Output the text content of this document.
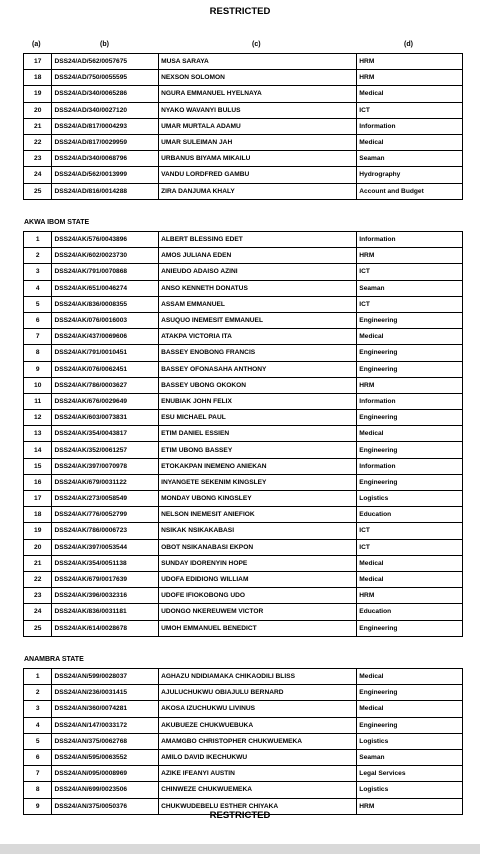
RESTRICTED
(a)	(b)	(c)	(d)
17	DSS24/AD/562/0057675	MUSA SARAYA	HRM
18	DSS24/AD/750/0055595	NEXSON SOLOMON	HRM
19	DSS24/AD/340/0065286	NGURA EMMANUEL HYELNAYA	Medical
20	DSS24/AD/340/0027120	NYAKO WAVANYI BULUS	ICT
21	DSS24/AD/817/0004293	UMAR MURTALA ADAMU	Information
22	DSS24/AD/817/0029959	UMAR SULEIMAN JAH	Medical
23	DSS24/AD/340/0068796	URBANUS BIYAMA MIKAILU	Seaman
24	DSS24/AD/562/0013999	VANDU LORDFRED GAMBU	Hydrography
25	DSS24/AD/816/0014288	ZIRA DANJUMA KHALY	Account and Budget
AKWA IBOM STATE
1	DSS24/AK/576/0043896	ALBERT BLESSING EDET	Information
2	DSS24/AK/602/0023730	AMOS JULIANA EDEN	HRM
3	DSS24/AK/791/0070868	ANIEUDO ADAISO AZINI	ICT
4	DSS24/AK/651/0046274	ANSO KENNETH DONATUS	Seaman
5	DSS24/AK/836/0008355	ASSAM EMMANUEL	ICT
6	DSS24/AK/076/0016003	ASUQUO INEMESIT EMMANUEL	Engineering
7	DSS24/AK/437/0069606	ATAKPA VICTORIA ITA	Medical
8	DSS24/AK/791/0010451	BASSEY ENOBONG FRANCIS	Engineering
9	DSS24/AK/076/0062451	BASSEY OFONASAHA ANTHONY	Engineering
10	DSS24/AK/786/0003627	BASSEY UBONG OKOKON	HRM
11	DSS24/AK/676/0029649	ENUBIAK JOHN FELIX	Information
12	DSS24/AK/603/0073831	ESU MICHAEL PAUL	Engineering
13	DSS24/AK/354/0043817	ETIM DANIEL ESSIEN	Medical
14	DSS24/AK/352/0061257	ETIM UBONG BASSEY	Engineering
15	DSS24/AK/397/0070978	ETOKAKPAN INEMENO ANIEKAN	Information
16	DSS24/AK/679/0031122	INYANGETE SEKENIM KINGSLEY	Engineering
17	DSS24/AK/273/0058549	MONDAY UBONG KINGSLEY	Logistics
18	DSS24/AK/776/0052799	NELSON INEMESIT ANIEFIOK	Education
19	DSS24/AK/786/0006723	NSIKAK NSIKAKABASI	ICT
20	DSS24/AK/397/0053544	OBOT NSIKANABASI EKPON	ICT
21	DSS24/AK/354/0051138	SUNDAY IDORENYIN HOPE	Medical
22	DSS24/AK/679/0017639	UDOFA EDIDIONG WILLIAM	Medical
23	DSS24/AK/396/0032316	UDOFE IFIOKOBONG UDO	HRM
24	DSS24/AK/836/0031181	UDONGO NKEREUWEM VICTOR	Education
25	DSS24/AK/614/0028678	UMOH EMMANUEL BENEDICT	Engineering
ANAMBRA STATE
1	DSS24/AN/599/0028037	AGHAZU NDIDIAMAKA CHIKAODILI BLISS	Medical
2	DSS24/AN/236/0031415	AJULUCHUKWU OBIAJULU BERNARD	Engineering
3	DSS24/AN/360/0074281	AKOSA IZUCHUKWU LIVINUS	Medical
4	DSS24/AN/147/0033172	AKUBUEZE CHUKWUEBUKA	Engineering
5	DSS24/AN/375/0062768	AMAMGBO CHRISTOPHER CHUKWUEMEKA	Logistics
6	DSS24/AN/595/0063552	AMILO DAVID IKECHUKWU	Seaman
7	DSS24/AN/095/0008969	AZIKE IFEANYI AUSTIN	Legal Services
8	DSS24/AN/699/0023506	CHINWEZE CHUKWUEMEKA	Logistics
9	DSS24/AN/375/0050376	CHUKWUDEBELU ESTHER CHIYAKA	HRM
RESTRICTED
